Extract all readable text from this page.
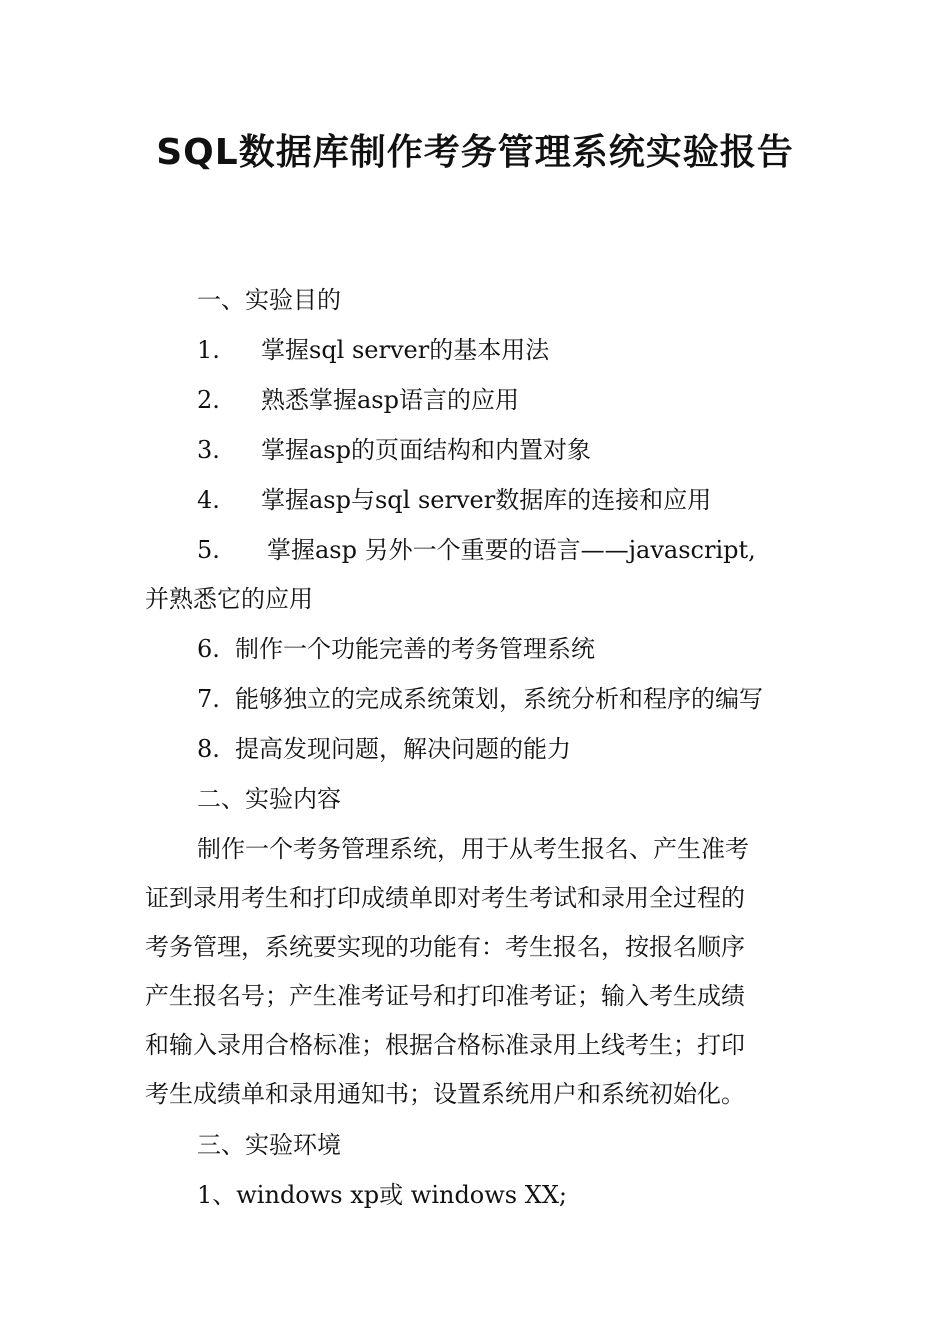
SQL数据库制作考务管理系统实验报告

一、实验目的

1. 掌握sql server的基本用法

2. 熟悉掌握asp语言的应用

3. 掌握asp的页面结构和内置对象

4. 掌握asp与sql server数据库的连接和应用

5. 掌握asp 另外一个重要的语言——javascript,

并熟悉它的应用

6. 制作一个功能完善的考务管理系统

7. 能够独立的完成系统策划，系统分析和程序的编写

8. 提高发现问题，解决问题的能力

二、实验内容

制作一个考务管理系统，用于从考生报名、产生准考

证到录用考生和打印成绩单即对考生考试和录用全过程的

考务管理，系统要实现的功能有：考生报名，按报名顺序

产生报名号；产生准考证号和打印准考证；输入考生成绩

和输入录用合格标准；根据合格标准录用上线考生；打印

考生成绩单和录用通知书；设置系统用户和系统初始化。

三、实验环境

1、windows xp或 windows XX;
